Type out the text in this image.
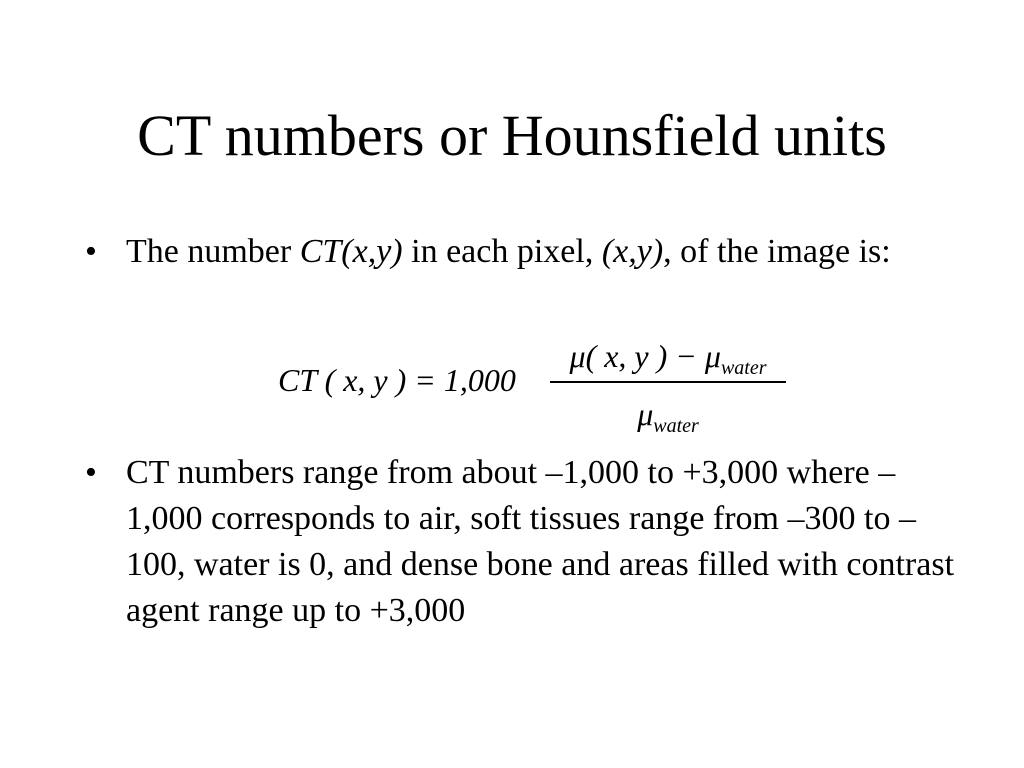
CT numbers or Hounsfield units
• The number CT(x,y) in each pixel, (x,y), of the image is:
CT ( x, y ) = 1,000
μ( x, y ) − $\mu_{water}$
$\mu_{water}$
• CT numbers range from about –1,000 to +3,000 where –1,000 corresponds to air, soft tissues range from –300 to –100, water is 0, and dense bone and areas filled with contrast agent range up to +3,000
